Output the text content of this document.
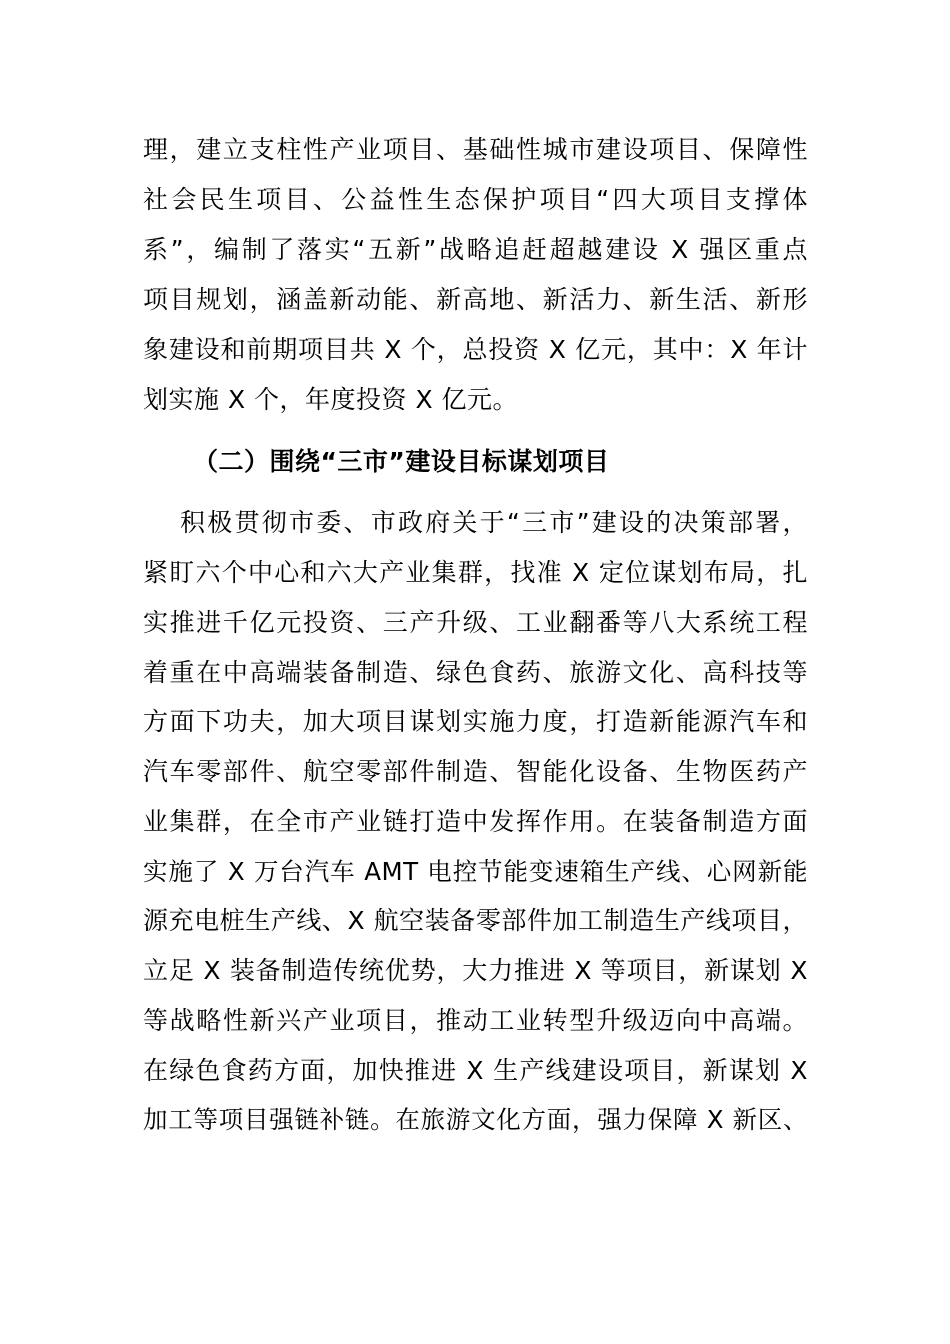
理，建立支柱性产业项目、基础性城市建设项目、保障性
社会民生项目、公益性生态保护项目“四大项目支撑体
系”，编制了落实“五新”战略追赶超越建设 X 强区重点
项目规划，涵盖新动能、新高地、新活力、新生活、新形
象建设和前期项目共 X 个，总投资 X 亿元，其中：X 年计
划实施 X 个，年度投资 X 亿元。
（二）围绕“三市”建设目标谋划项目
积极贯彻市委、市政府关于“三市”建设的决策部署，
紧盯六个中心和六大产业集群，找准 X 定位谋划布局，扎
实推进千亿元投资、三产升级、工业翻番等八大系统工程
着重在中高端装备制造、绿色食药、旅游文化、高科技等
方面下功夫，加大项目谋划实施力度，打造新能源汽车和
汽车零部件、航空零部件制造、智能化设备、生物医药产
业集群，在全市产业链打造中发挥作用。在装备制造方面
实施了 X 万台汽车 AMT 电控节能变速箱生产线、心网新能
源充电桩生产线、X 航空装备零部件加工制造生产线项目，
立足 X 装备制造传统优势，大力推进 X 等项目，新谋划 X
等战略性新兴产业项目，推动工业转型升级迈向中高端。
在绿色食药方面，加快推进 X 生产线建设项目，新谋划 X
加工等项目强链补链。在旅游文化方面，强力保障 X 新区、
